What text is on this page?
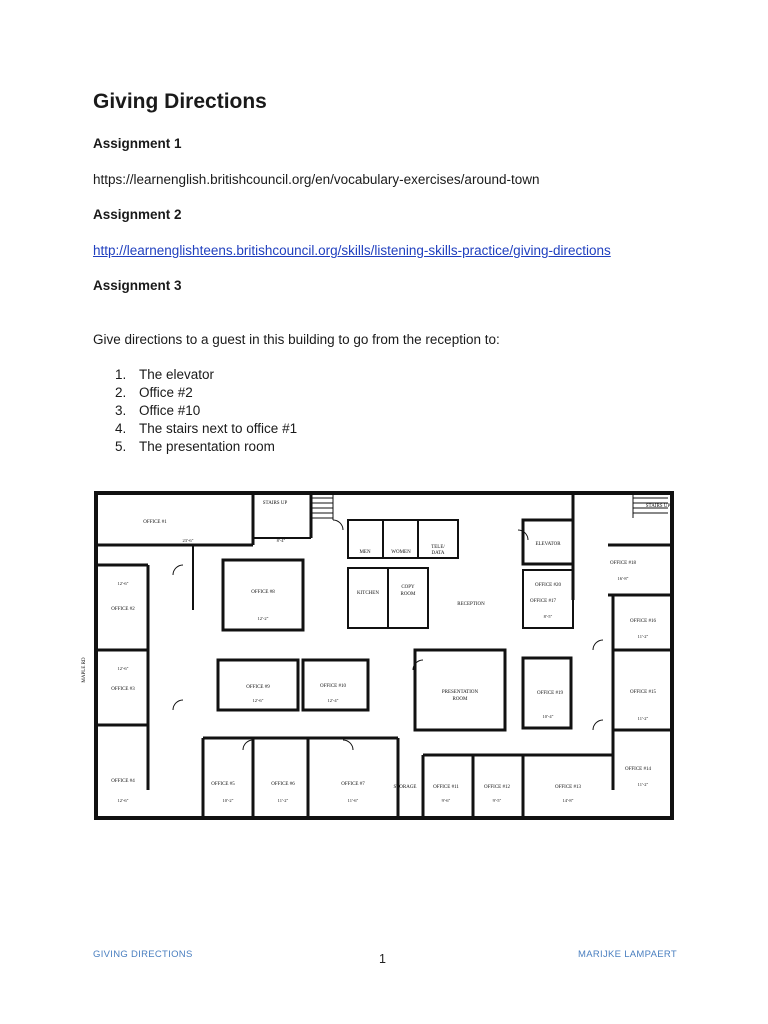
Giving Directions

Assignment 1

https://learnenglish.britishcouncil.org/en/vocabulary-exercises/around-town

Assignment 2

http://learnenglishteens.britishcouncil.org/skills/listening-skills-practice/giving-directions

Assignment 3

Give directions to a guest in this building to go from the reception to:

1. The elevator
2. Office #2
3. Office #10
4. The stairs next to office #1
5. The presentation room
STAIRS UP
STAIRS UP
OFFICE #1
OFFICE #2
OFFICE #3
OFFICE #4
OFFICE #5	OFFICE #6	OFFICE #7
OFFICE #8
OFFICE #9	OFFICE #10
OFFICE #11	OFFICE #12	OFFICE #13
OFFICE #14
OFFICE #15
OFFICE #16
OFFICE #17
OFFICE #18
OFFICE #19
OFFICE #20
MEN	WOMEN
TELE/
DATA
ELEVATOR
KITCHEN
COPY
ROOM
RECEPTION
PRESENTATION
ROOM
STORAGE
MAPLE RD
23'-6"	8'-4"
12'-6"
12'-6"
12'-6"	10'-2"	11'-2"	11'-6"
12'-2"
12'-6"	12'-4"
16'-8"
8'-5"
11'-2"
10'-4"	11'-2"
11'-2"
9'-6"	9'-5"	14'-8"
GIVING DIRECTIONS	1	MARIJKE LAMPAERT
